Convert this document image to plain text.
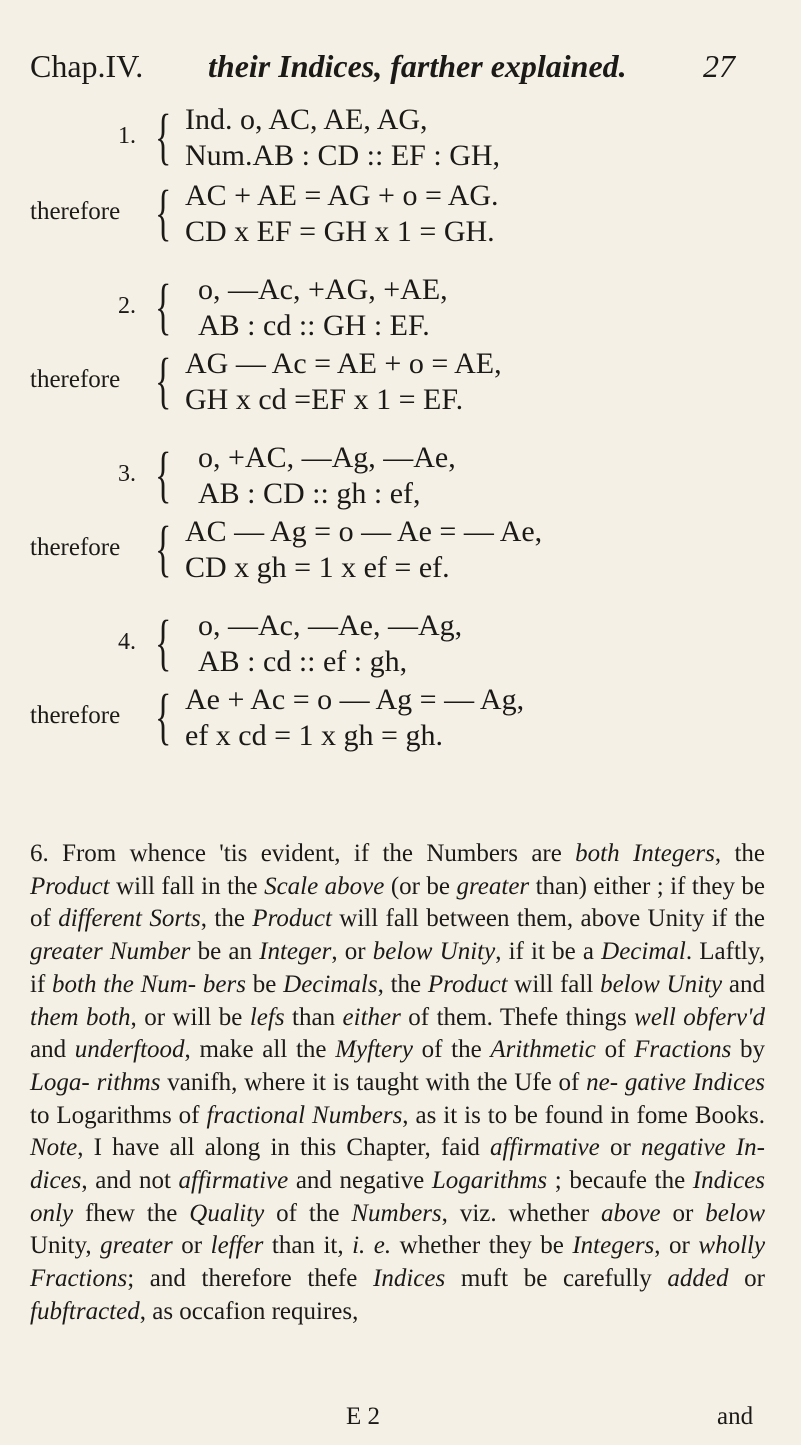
Chap.IV. their Indices, farther explained. 27
1. { Ind. o, AC, AE, AG,
Num.AB : CD :: EF : GH,
therefore { AC + AE = AG + o = AG.
CD x EF = GH x 1 = GH.
2. { o, —Ac, +AG, +AE,
AB : cd :: GH : EF.
therefore { AG — Ac = AE + o = AE,
GH x cd =EF x 1 = EF.
3. { o, +AC, —Ag, —Ae,
AB : CD :: gh : ef,
therefore { AC — Ag = o — Ae = — Ae,
CD x gh = 1 x ef = ef.
4. { o, —Ac, —Ae, —Ag,
AB : cd :: ef : gh,
therefore { Ae + Ac = o — Ag = — Ag,
ef x cd = 1 x gh = gh.

6. From whence 'tis evident, if the Numbers are both Integers, the Product will fall in the Scale above (or be greater than) either ; if they be of different Sorts, the Product will fall between them, above Unity if the greater Number be an Integer, or below Unity, if it be a Decimal. Laftly, if both the Num- bers be Decimals, the Product will fall below Unity and them both, or will be lefs than either of them. Thefe things well obferv'd and underftood, make all the Myftery of the Arithmetic of Fractions by Loga- rithms vanifh, where it is taught with the Ufe of ne- gative Indices to Logarithms of fractional Numbers, as it is to be found in fome Books. Note, I have all along in this Chapter, faid affirmative or negative In- dices, and not affirmative and negative Logarithms ; becaufe the Indices only fhew the Quality of the Numbers, viz. whether above or below Unity, greater or leffer than it, i. e. whether they be Integers, or wholly Fractions; and therefore thefe Indices muft be carefully added or fubftracted, as occafion requires,

E 2	and
